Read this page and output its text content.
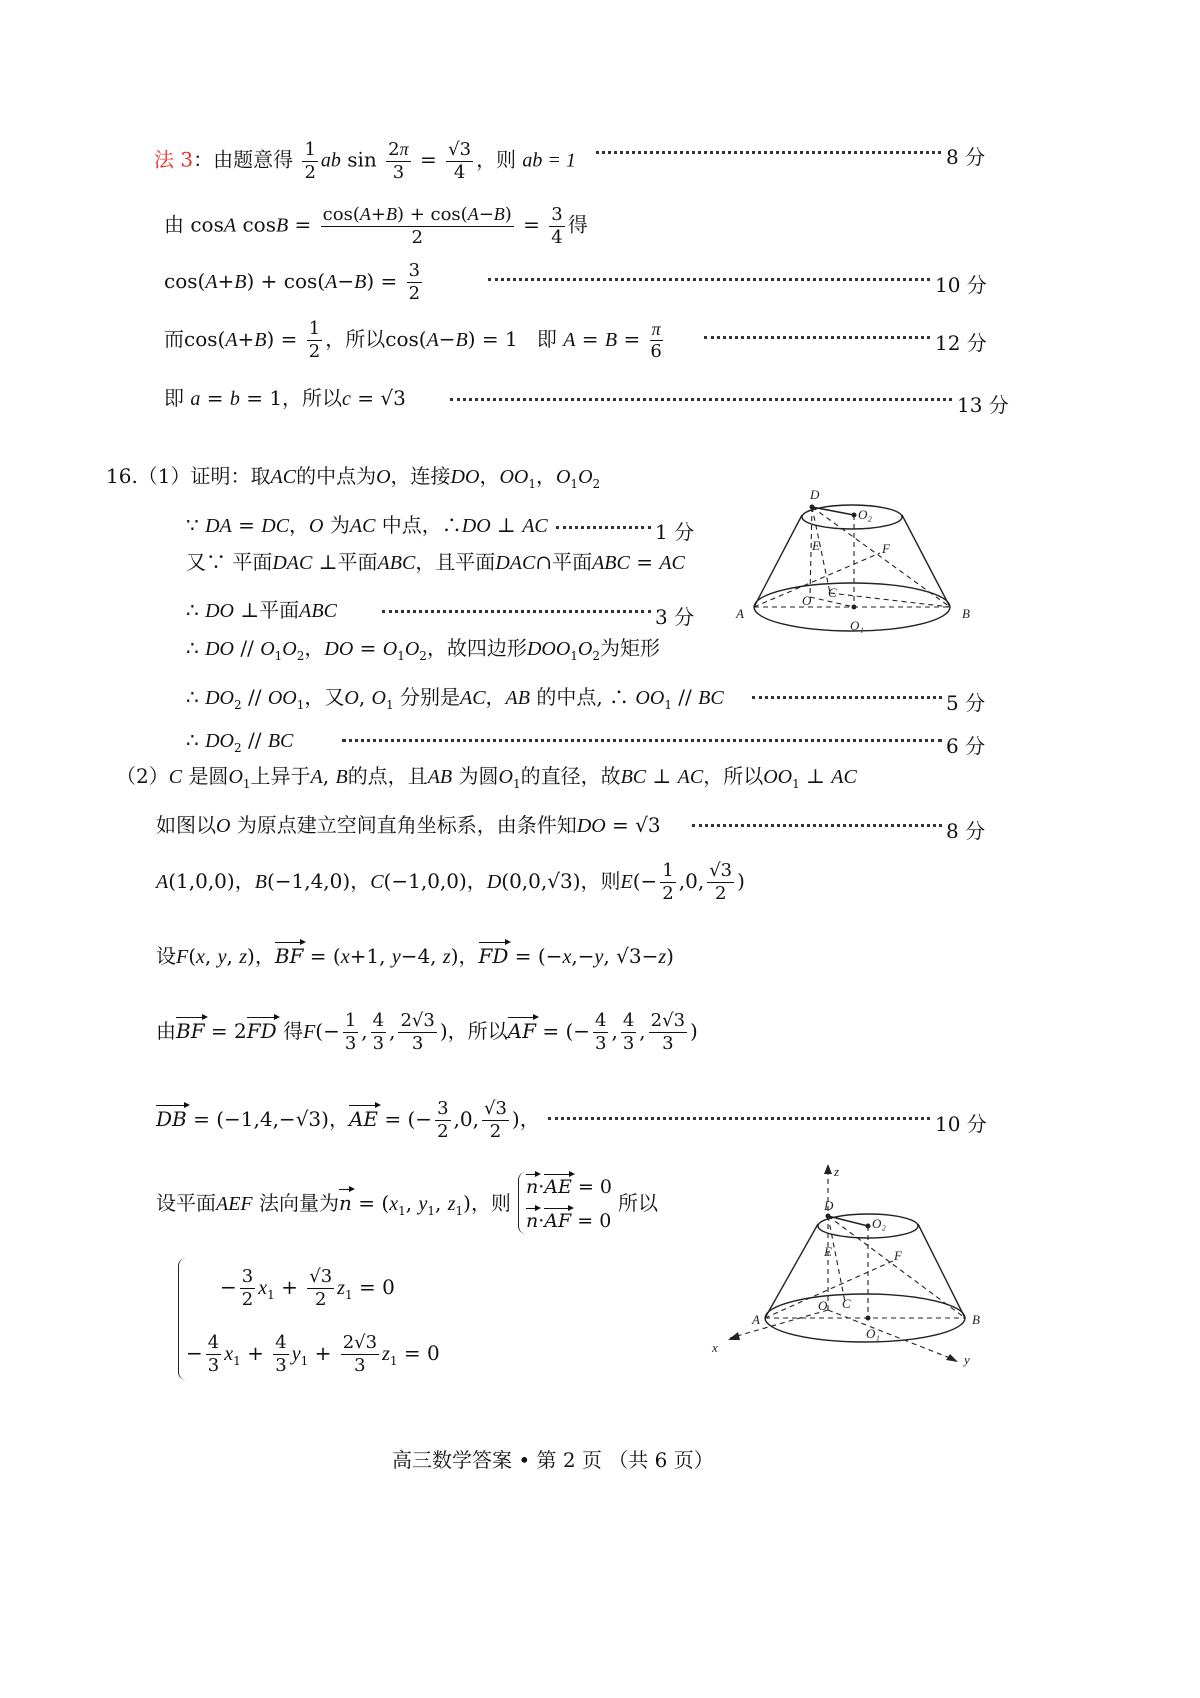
法 3：由题意得 $\frac{1}{2}$ ab $\sin \frac{2\pi}{3} = \frac{√3}{4}$ ，则 ab = 1	8 分
由 cosA $\cos B = \frac{\cos(A+B) + \cos(A-B)}{2} = \frac{3}{4}$ 得
$\cos(A+B) + \cos(A-B) = \frac{3}{2}$	10 分
而$\cos(A+B) = \frac{1}{2}$ ，所以cos(A−B) = 1   即 $A = B = \frac{\pi}{6}$	12 分
即 a = b = 1，所以c = √3	13 分
16.（1）证明：取AC的中点为O，连接DO，$OO_1$，$O_1O_2$
∵ DA = DC，O 为AC 中点，∴DO ⊥ AC	1 分
又∵ 平面DAC ⊥平面ABC，且平面DAC∩平面ABC = AC
∴ DO ⊥平面ABC	3 分
∴ DO // $O_1O_2$，DO = $O_1O_2$，故四边形$DOO_1O_2$为矩形
∴ $DO_2 // OO_1$，又O, $O_1$ 分别是AC，AB 的中点, ∴ $OO_1$ // BC	5 分
∴ $DO_2$ // BC	6 分
（2）C 是圆$O_1$上异于A, B的点，且AB 为圆$O_1$的直径，故BC ⊥ AC，所以$OO_1$ ⊥ AC
如图以O 为原点建立空间直角坐标系，由条件知DO = √3	8 分
A(1,0,0)，B(−1,4,0)，C(−1,0,0)，D(0,0,√3)，则$E(- \frac{1}{2} ,0$, $\frac{√3}{2}$ )
设F(x, y, z)，BF = (x+1, y−4, z)，FD = (−x,−y, √3−z)
由BF = 2FD 得$F(- \frac{1}{3}$ , $\frac{4}{3}$ , $\frac{2√3}{3}$ )，所以AF = (− $\frac{4}{3}$ , $\frac{4}{3}$ , $\frac{2√3}{3}$ )
DB = (−1,4,−√3)，AE = (− $\frac{3}{2} ,0$, $\frac{√3}{2}$ )，	10 分
设平面AEF 法向量为$n = (x_1$, $y_1$, $z_1$)，则
n·AE = 0
n·AF = 0
所以
− $\frac{3}{2} x_1 + \frac{√3}{2} z_1 = 0$
− $\frac{4}{3} x_1 + \frac{4}{3} y_1 + \frac{2√3}{3} z_1 = 0$
D
O₂
E	F
O
C
A	B
O₁
z
D
O₂
E	F
O C
A	B
O₁
x
y
高三数学答案 • 第 2 页 （共 6 页）
